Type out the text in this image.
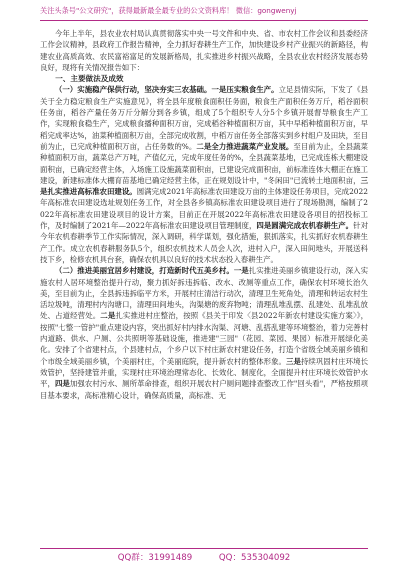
关注头条号"公文研究"，获得最新最全最专业的公文资料库！ 微信：gongwenyj

今年上半年，县农业农村局认真贯彻落实中央一号文件和中央、省、市农村工作会议和县委经济工作会议精神，县政府工作报告精神，全力抓好春耕生产工作，加快建设乡村产业振兴的新路径，构建农业高质高效、农民富裕富足的发展新格局，扎实推进乡村振兴战略，全县农业农村经济发展态势良好，现将有关情况报告如下：

一、主要做法及成效

（一）实施稳产保供行动，坚决夯实三农基础。一是压实粮食生产。立足县情实际，下发了《县关于全力稳定粮食生产实施意见》，将全县年度粮食面积任务面，粮食生产面积任务万斤，稻谷面积任务亩，稻谷产量任务万斤分解分到各乡镇，组成了5个组织专人分5个乡镇开展督导粮食生产工作，实现粮食稳生产，完成粮食播种面积万亩，完成稻谷种植面积万亩，其中早稻种植面积万亩，早稻完成率达%，油菜种植面积万亩，全部完成收割，中稻万亩任务全部落实到乡村组户及田块，至目前为止，已完成种植面积万亩，占任务数的%。二是全力推进蔬菜产业发展。至目前为止，全县蔬菜种植面积万亩，蔬菜总产万吨，产值亿元，完成年度任务的%，全县蔬菜基地，已完成连栋大棚建设面积亩，已确定经营主体，入场施工设施蔬菜面积亩，已建设完成面积亩，前标准连体大棚正在施工建设，新建标准体大棚育苗基地已确定经营主体，正在规划设计中，"冬闲田"已流转土地面积亩，三是扎实推进高标准农田建设。圆满完成2021年高标准农田建设万亩的主体建设任务项目，完成2022年高标准农田建设选址规划任务工作，对全县各乡镇高标准农田建设项目进行了现场勘测，编制了2022年高标准农田建设项目的设计方案，目前正在开展2022年高标准农田建设各项目的招投标工作，及时编制了2021年—2022年高标准农田建设项目管理制度，四是圆满完成农机春耕生产。针对今年农机春耕季节工作实际情况，深入调研，科学谋划，强化措施，狠抓落实，扎实抓好农机春耕生产工作。成立农机春耕服务队5个，组织农机技术人员会人次，进村入户，深入田间地头，开展送科技下乡，检修农机具台套，确保农机具以良好的技术状态投入春耕生产。

（二）推进美丽宜居乡村建设，打造新时代五美乡村。一是扎实推进美丽乡镇建设行动，深入实施农村人居环境整治提升行动，聚力抓好拆违拆临、改水、改厕等重点工作，确保农村环境长治久美，至目前为止，全县拆违拆临平方米，开展村庄清洁行动次，清理卫生死角处，清理和转运农村生活垃圾吨，清理村内沟塘口，清理田间地头，沟渠塘的废弃物吨；清理乱堆乱摆、乱建处、乱堆乱放处、占道经营处。二是扎实推进村庄整治，按照《县关于印发〈县2022年新农村建设实施方案〉》，按照"七整一管护"重点建设内容，突出抓好村内排水沟渠、河塘、乱搭乱建等环境整治，着力完善村内道路、供水、户厕、公共照明等基础设施，推进建"三园"（花园、菜园、果园）标准开展绿化美化。安排了个省建村点，个县建村点，个乡户以下村庄新农村建设任务，打造个省级全域美丽乡镇和个市级全域美丽乡镇，个美丽村庄，个美丽庭院，提升新农村的整体形象。三是持续巩固村庄环境长效管护，坚持建管并重，实现村庄环境治理常态化、长效化、制度化，全面提升村庄环境长效管护水平，四是加强农村污水、厕所革命排查，组织开展农村户厕问题排查整改工作"回头看"，严格按照项目基本要求，高标准精心设计，确保高质量，高标准、无

QQ群：31991489	QQ：535304092
